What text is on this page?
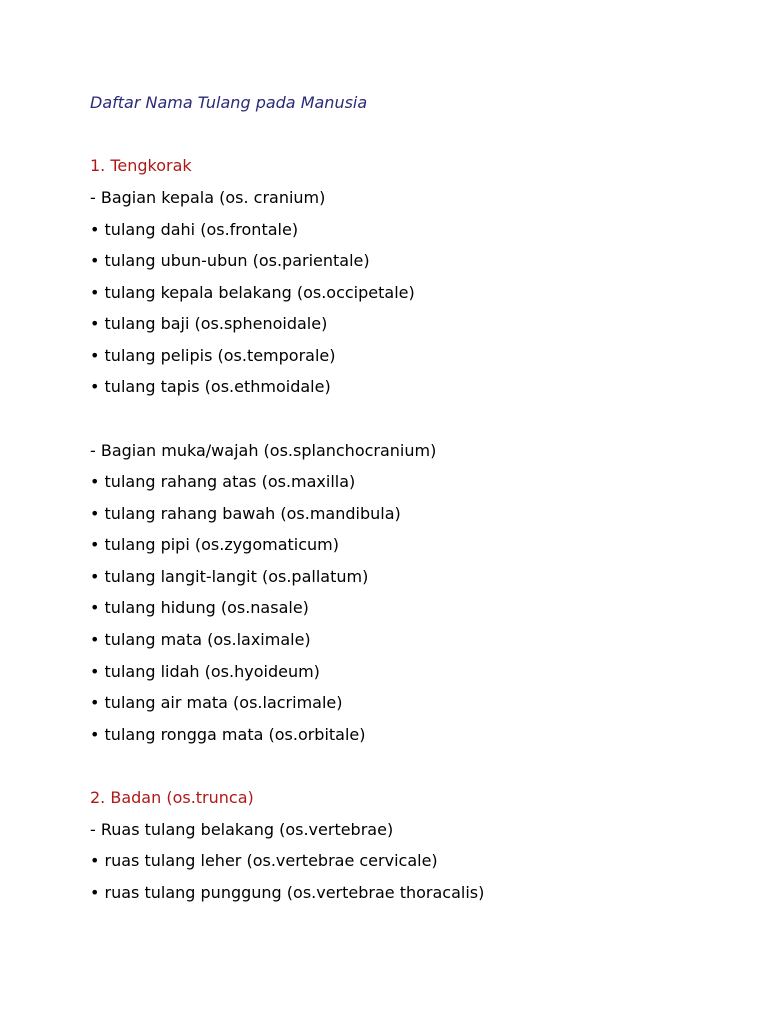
Daftar Nama Tulang pada Manusia
1. Tengkorak
- Bagian kepala (os. cranium)
• tulang dahi (os.frontale)
• tulang ubun-ubun (os.parientale)
• tulang kepala belakang (os.occipetale)
• tulang baji (os.sphenoidale)
• tulang pelipis (os.temporale)
• tulang tapis (os.ethmoidale)
- Bagian muka/wajah (os.splanchocranium)
• tulang rahang atas (os.maxilla)
• tulang rahang bawah (os.mandibula)
• tulang pipi (os.zygomaticum)
• tulang langit-langit (os.pallatum)
• tulang hidung (os.nasale)
• tulang mata (os.laximale)
• tulang lidah (os.hyoideum)
• tulang air mata (os.lacrimale)
• tulang rongga mata (os.orbitale)
2. Badan (os.trunca)
- Ruas tulang belakang (os.vertebrae)
• ruas tulang leher (os.vertebrae cervicale)
• ruas tulang punggung (os.vertebrae thoracalis)
